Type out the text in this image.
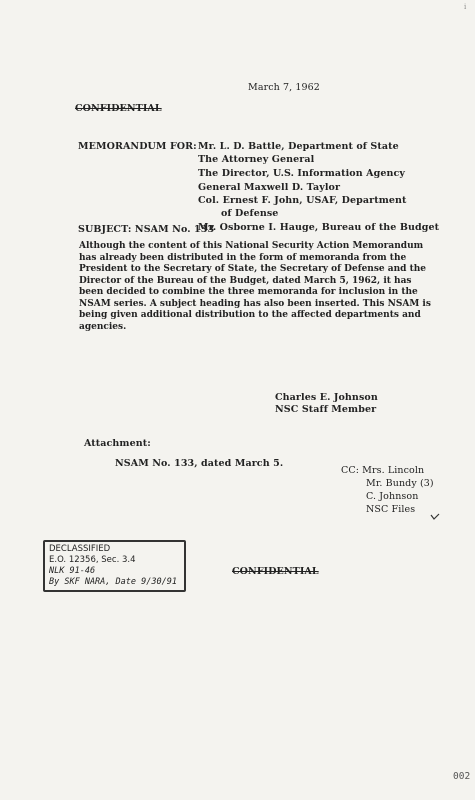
i
March 7, 1962
CONFIDENTIAL
MEMORANDUM FOR: Mr. L. D. Battle, Department of State
The Attorney General
The Director, U.S. Information Agency
General Maxwell D. Taylor
Col. Ernest F. John, USAF, Department
of Defense
Mr. Osborne I. Hauge, Bureau of the Budget
SUBJECT: NSAM No. 133
Although the content of this National Security Action Memorandum has already been distributed in the form of memoranda from the President to the Secretary of State, the Secretary of Defense and the Director of the Bureau of the Budget, dated March 5, 1962, it has been decided to combine the three memoranda for inclusion in the NSAM series. A subject heading has also been inserted. This NSAM is being given additional distribution to the affected departments and agencies.
Charles E. Johnson
NSC Staff Member
Attachment:
NSAM No. 133, dated March 5.
CC: Mrs. Lincoln
Mr. Bundy (3)
C. Johnson
NSC Files
DECLASSIFIED
E.O. 12356, Sec. 3.4
NLK 91-46
By SKF NARA, Date 9/30/91
CONFIDENTIAL
002
